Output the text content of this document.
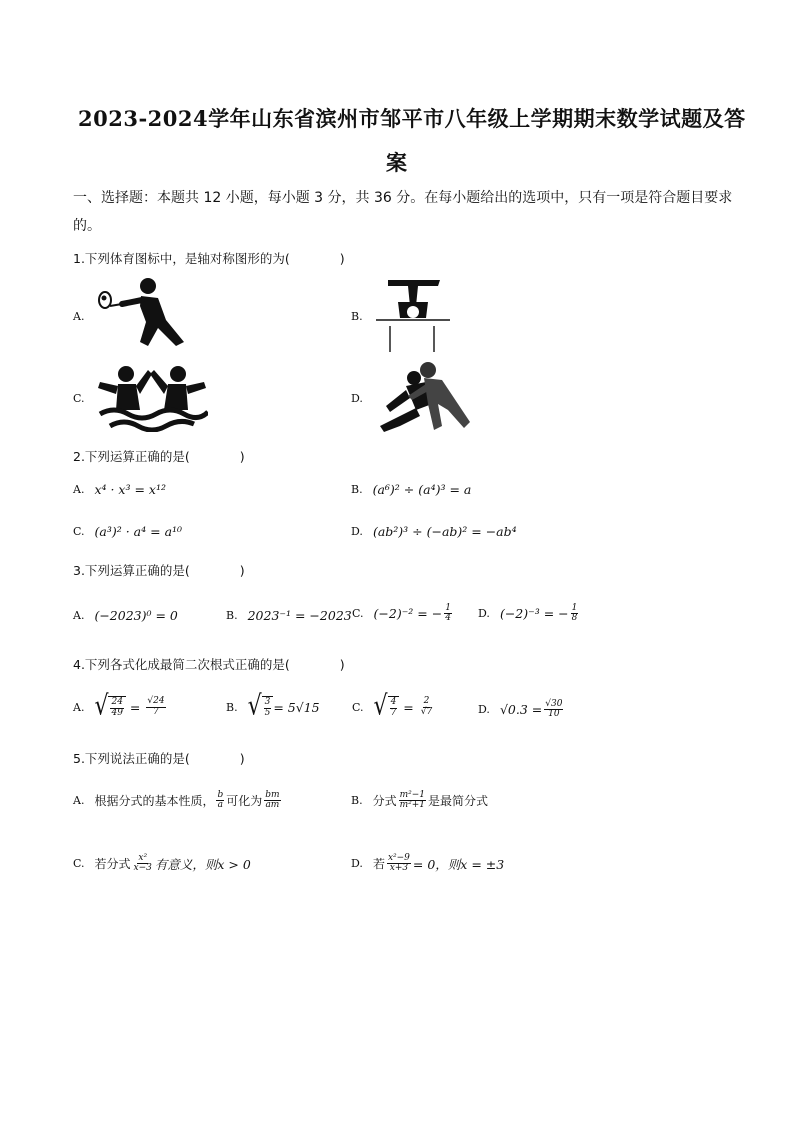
2023-2024学年山东省滨州市邹平市八年级上学期期末数学试题及答
案
一、选择题：本题共 12 小题，每小题 3 分，共 36 分。在每小题给出的选项中，只有一项是符合题目要求
的。
1.下列体育图标中，是轴对称图形的为(　　　　)
A.	B.
C.	D.
2.下列运算正确的是(　　　　)
A. x⁴ · x³ = x¹²	B. (a⁶)² ÷ (a⁴)³ = a
C. (a³)² · a⁴ = a¹⁰	D. (ab²)³ ÷ (−ab)² = −ab⁴
3.下列运算正确的是(　　　　)
A. (−2023)⁰ = 0	B. 2023⁻¹ = −2023 C. (−2)⁻² = − $\frac{1}{4} D$. (−2)⁻³ = − $\frac{1}{8}$
4.下列各式化成最简二次根式正确的是(　　　　)
A. √ $\frac{24}{49} = \frac{√24}{7}$	B. √ $\frac{3}{5} = 5√15$	C. √ $\frac{4}{7} = \frac{2}{√7}$	D. $√0.3 = \frac{√30}{10}$
5.下列说法正确的是(　　　　)
A. 根据分式的基本性质， $\frac{b}{a}$ 可化为 $\frac{bm}{am}$	B. 分式 $\frac{\text{m²−1}}{\text{m²+1}}$ 是最简分式
C. 若分式 $\frac{\text{x²}}{x-3}$ 有意义，则x > 0	D. 若 $\frac{\text{x²−9}}{x+3} = 0$，则x = ±3
